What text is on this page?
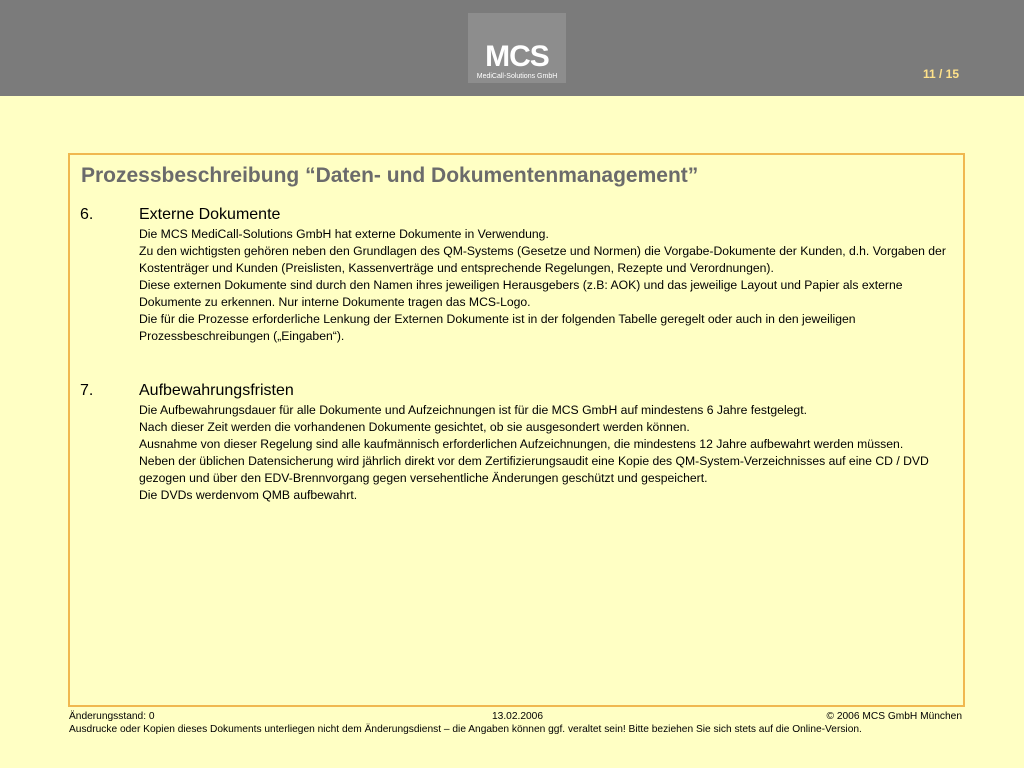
MCS
MediCall-Solutions GmbH	11 / 15
Prozessbeschreibung “Daten- und Dokumentenmanagement”
6.	Externe Dokumente

Die MCS MediCall-Solutions GmbH hat externe Dokumente in Verwendung.

Zu den wichtigsten gehören neben den Grundlagen des QM-Systems (Gesetze und Normen) die Vorgabe-Dokumente der Kunden, d.h. Vorgaben der Kostenträger und Kunden (Preislisten, Kassenverträge und entsprechende Regelungen, Rezepte und Verordnungen).

Diese externen Dokumente sind durch den Namen ihres jeweiligen Herausgebers (z.B: AOK) und das jeweilige Layout und Papier als externe Dokumente zu erkennen. Nur interne Dokumente tragen das MCS-Logo.

Die für die Prozesse erforderliche Lenkung der Externen Dokumente ist in der folgenden Tabelle geregelt oder auch in den jeweiligen Prozessbeschreibungen („Eingaben“).

7.	Aufbewahrungsfristen

Die Aufbewahrungsdauer für alle Dokumente und Aufzeichnungen ist für die MCS GmbH auf mindestens 6 Jahre festgelegt.

Nach dieser Zeit werden die vorhandenen Dokumente gesichtet, ob sie ausgesondert werden können.

Ausnahme von dieser Regelung sind alle kaufmännisch erforderlichen Aufzeichnungen, die mindestens 12 Jahre aufbewahrt werden müssen.

Neben der üblichen Datensicherung wird jährlich direkt vor dem Zertifizierungsaudit eine Kopie des QM-System-Verzeichnisses auf eine CD / DVD gezogen und über den EDV-Brennvorgang gegen versehentliche Änderungen geschützt und gespeichert.

Die DVDs werdenvom QMB aufbewahrt.

Änderungsstand: 0	13.02.2006	© 2006 MCS GmbH München
Ausdrucke oder Kopien dieses Dokuments unterliegen nicht dem Änderungsdienst – die Angaben können ggf. veraltet sein! Bitte beziehen Sie sich stets auf die Online-Version.
